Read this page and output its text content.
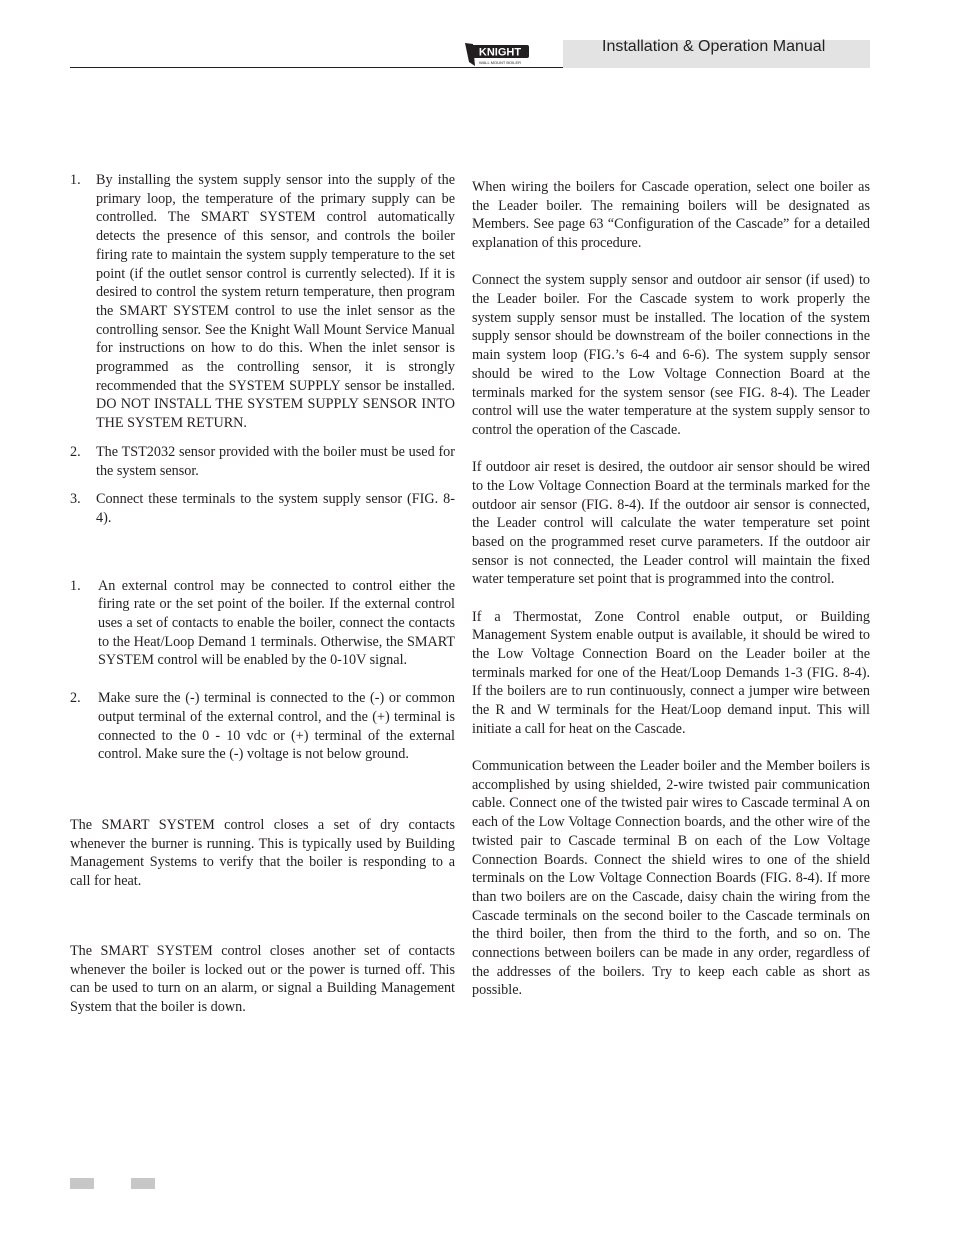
KNIGHT
WALL MOUNT BOILER
Installation & Operation Manual
1.	By installing the system supply sensor into the supply of the primary loop, the temperature of the primary supply can be controlled. The SMART SYSTEM control automatically detects the presence of this sensor, and controls the boiler firing rate to maintain the system supply temperature to the set point (if the outlet sensor control is currently selected). If it is desired to control the system return temperature, then program the SMART SYSTEM control to use the inlet sensor as the controlling sensor. See the Knight Wall Mount Service Manual for instructions on how to do this. When the inlet sensor is programmed as the controlling sensor, it is strongly recommended that the SYSTEM SUPPLY sensor be installed. DO NOT INSTALL THE SYSTEM SUPPLY SENSOR INTO THE SYSTEM RETURN.
2.	The TST2032 sensor provided with the boiler must be used for the system sensor.
3.	Connect these terminals to the system supply sensor (FIG. 8-4).
1.	An external control may be connected to control either the firing rate or the set point of the boiler. If the external control uses a set of contacts to enable the boiler, connect the contacts to the Heat/Loop Demand 1 terminals. Otherwise, the SMART SYSTEM control will be enabled by the 0-10V signal.
2.	Make sure the (-) terminal is connected to the (-) or common output terminal of the external control, and the (+) terminal is connected to the 0 - 10 vdc or (+) terminal of the external control. Make sure the (-) voltage is not below ground.

The SMART SYSTEM control closes a set of dry contacts whenever the burner is running. This is typically used by Building Management Systems to verify that the boiler is responding to a call for heat.

The SMART SYSTEM control closes another set of contacts whenever the boiler is locked out or the power is turned off. This can be used to turn on an alarm, or signal a Building Management System that the boiler is down.

When wiring the boilers for Cascade operation, select one boiler as the Leader boiler. The remaining boilers will be designated as Members. See page 63 “Configuration of the Cascade” for a detailed explanation of this procedure.

Connect the system supply sensor and outdoor air sensor (if used) to the Leader boiler. For the Cascade system to work properly the system supply sensor must be installed. The location of the system supply sensor should be downstream of the boiler connections in the main system loop (FIG.’s 6-4 and 6-6). The system supply sensor should be wired to the Low Voltage Connection Board at the terminals marked for the system sensor (see FIG. 8-4). The Leader control will use the water temperature at the system supply sensor to control the operation of the Cascade.

If outdoor air reset is desired, the outdoor air sensor should be wired to the Low Voltage Connection Board at the terminals marked for the outdoor air sensor (FIG. 8-4). If the outdoor air sensor is connected, the Leader control will calculate the water temperature set point based on the programmed reset curve parameters. If the outdoor air sensor is not connected, the Leader control will maintain the fixed water temperature set point that is programmed into the control.

If a Thermostat, Zone Control enable output, or Building Management System enable output is available, it should be wired to the Low Voltage Connection Board on the Leader boiler at the terminals marked for one of the Heat/Loop Demands 1-3 (FIG. 8-4). If the boilers are to run continuously, connect a jumper wire between the R and W terminals for the Heat/Loop demand input. This will initiate a call for heat on the Cascade.

Communication between the Leader boiler and the Member boilers is accomplished by using shielded, 2-wire twisted pair communication cable. Connect one of the twisted pair wires to Cascade terminal A on each of the Low Voltage Connection boards, and the other wire of the twisted pair to Cascade terminal B on each of the Low Voltage Connection Boards. Connect the shield wires to one of the shield terminals on the Low Voltage Connection Boards (FIG. 8-4). If more than two boilers are on the Cascade, daisy chain the wiring from the Cascade terminals on the second boiler to the Cascade terminals on the third boiler, then from the third to the forth, and so on. The connections between boilers can be made in any order, regardless of the addresses of the boilers. Try to keep each cable as short as possible.
